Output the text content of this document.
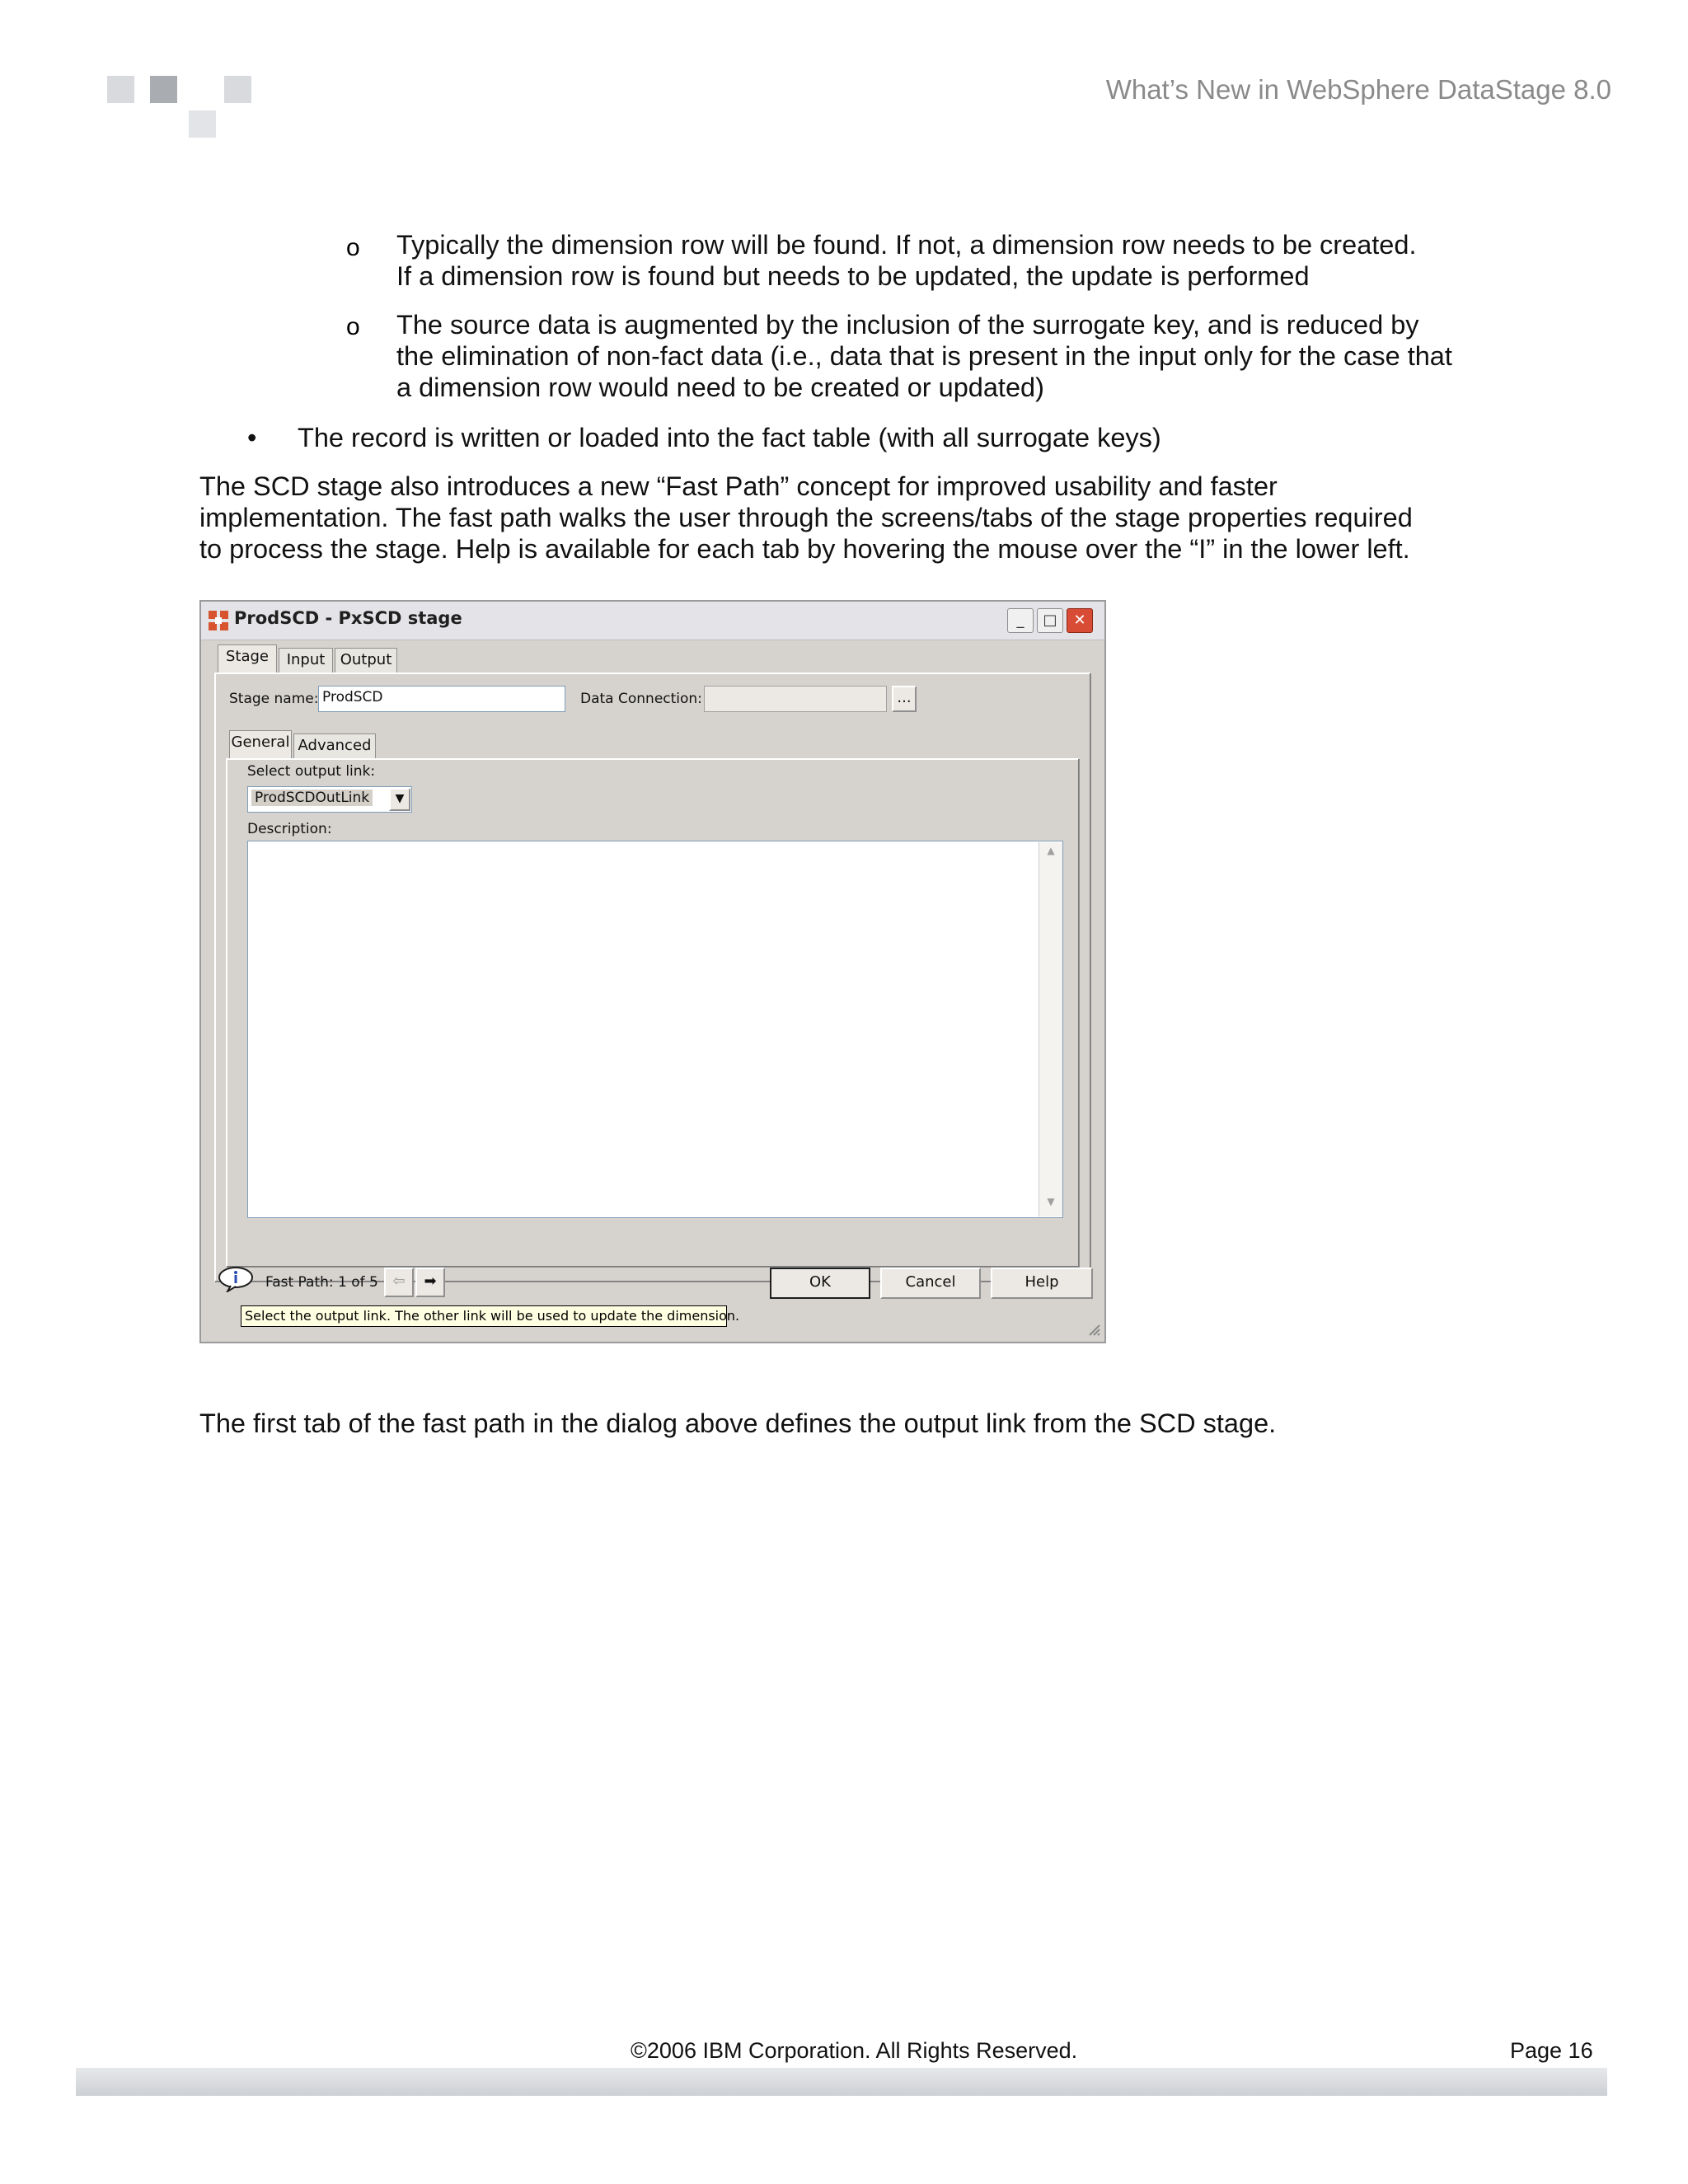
What’s New in WebSphere DataStage 8.0
o Typically the dimension row will be found. If not, a dimension row needs to be created.
If a dimension row is found but needs to be updated, the update is performed
o The source data is augmented by the inclusion of the surrogate key, and is reduced by
the elimination of non-fact data (i.e., data that is present in the input only for the case that
a dimension row would need to be created or updated)
• The record is written or loaded into the fact table (with all surrogate keys)
The SCD stage also introduces a new “Fast Path” concept for improved usability and faster
implementation. The fast path walks the user through the screens/tabs of the stage properties required
to process the stage. Help is available for each tab by hovering the mouse over the “I” in the lower left.
ProdSCD - PxSCD stage	_	□	✕
Stage	Input	Output
Stage name: ProdSCD	Data Connection:	...
General Advanced
Select output link:
ProdSCDOutLink	▼
Description:
▲
▼
Fast Path: 1 of 5 ⇦	➡	OK	Cancel	Help
Select the output link. The other link will be used to update the dimension.
The first tab of the fast path in the dialog above defines the output link from the SCD stage.
©2006 IBM Corporation. All Rights Reserved.	Page 16
